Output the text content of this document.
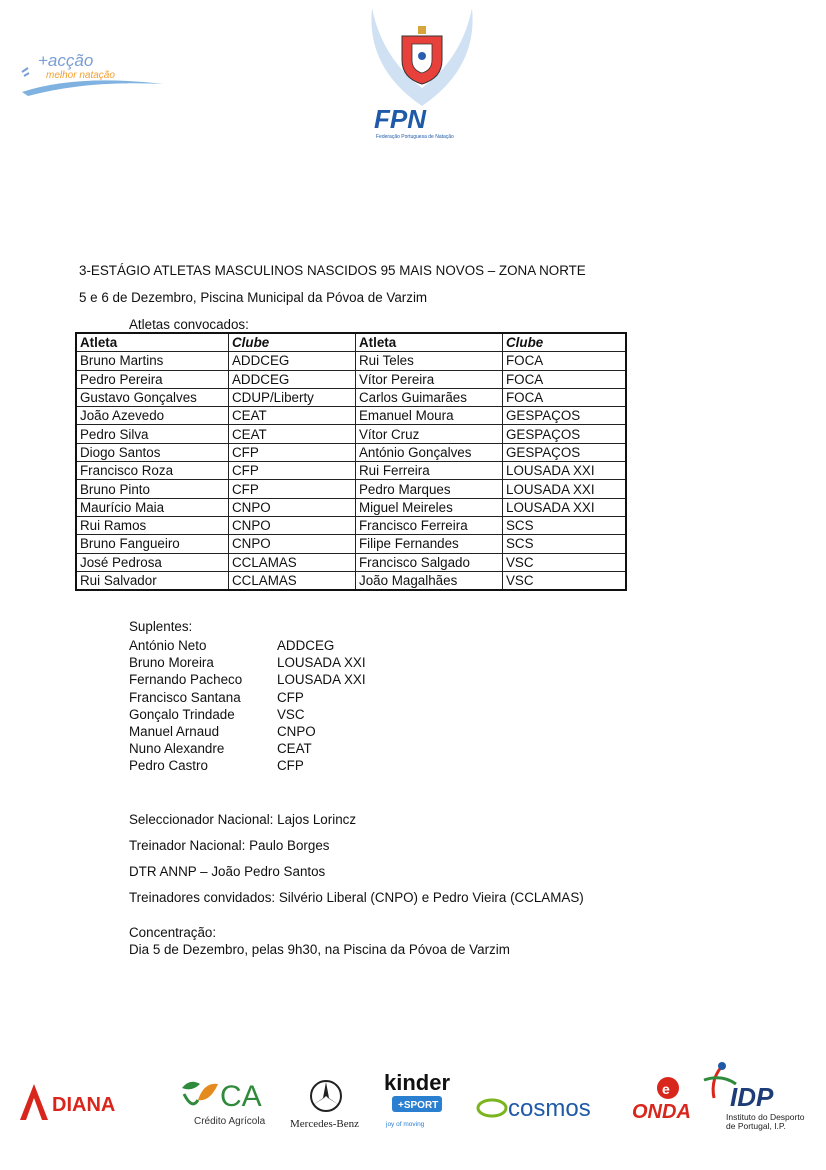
+acção
melhor natação
FPN
Federação Portuguesa de Natação
3-ESTÁGIO ATLETAS MASCULINOS NASCIDOS 95 MAIS NOVOS – ZONA NORTE
5 e 6 de Dezembro, Piscina Municipal da Póvoa de Varzim
Atletas convocados:
Atleta	Clube	Atleta	Clube
Bruno Martins	ADDCEG	Rui Teles	FOCA
Pedro Pereira	ADDCEG	Vítor Pereira	FOCA
Gustavo Gonçalves	CDUP/Liberty	Carlos Guimarães	FOCA
João Azevedo	CEAT	Emanuel Moura	GESPAÇOS
Pedro Silva	CEAT	Vítor Cruz	GESPAÇOS
Diogo Santos	CFP	António Gonçalves	GESPAÇOS
Francisco Roza	CFP	Rui Ferreira	LOUSADA XXI
Bruno Pinto	CFP	Pedro Marques	LOUSADA XXI
Maurício Maia	CNPO	Miguel Meireles	LOUSADA XXI
Rui Ramos	CNPO	Francisco Ferreira	SCS
Bruno Fangueiro	CNPO	Filipe Fernandes	SCS
José Pedrosa	CCLAMAS	Francisco Salgado	VSC
Rui Salvador	CCLAMAS	João Magalhães	VSC
Suplentes:
António Neto	ADDCEG
Bruno Moreira	LOUSADA XXI
Fernando Pacheco	LOUSADA XXI
Francisco Santana	CFP
Gonçalo Trindade	VSC
Manuel Arnaud	CNPO
Nuno Alexandre	CEAT
Pedro Castro	CFP
Seleccionador Nacional: Lajos Lorincz
Treinador Nacional: Paulo Borges
DTR ANNP – João Pedro Santos
Treinadores convidados: Silvério Liberal (CNPO) e Pedro Vieira (CCLAMAS)
Concentração:
Dia 5 de Dezembro, pelas 9h30, na Piscina da Póvoa de Varzim
DIANA	CA
Crédito Agrícola Mercedes-Benz
kinder
+SPORT
joy of moving
cosmos
e
ONDA IDP
Instituto do Desporto
de Portugal, I.P.
